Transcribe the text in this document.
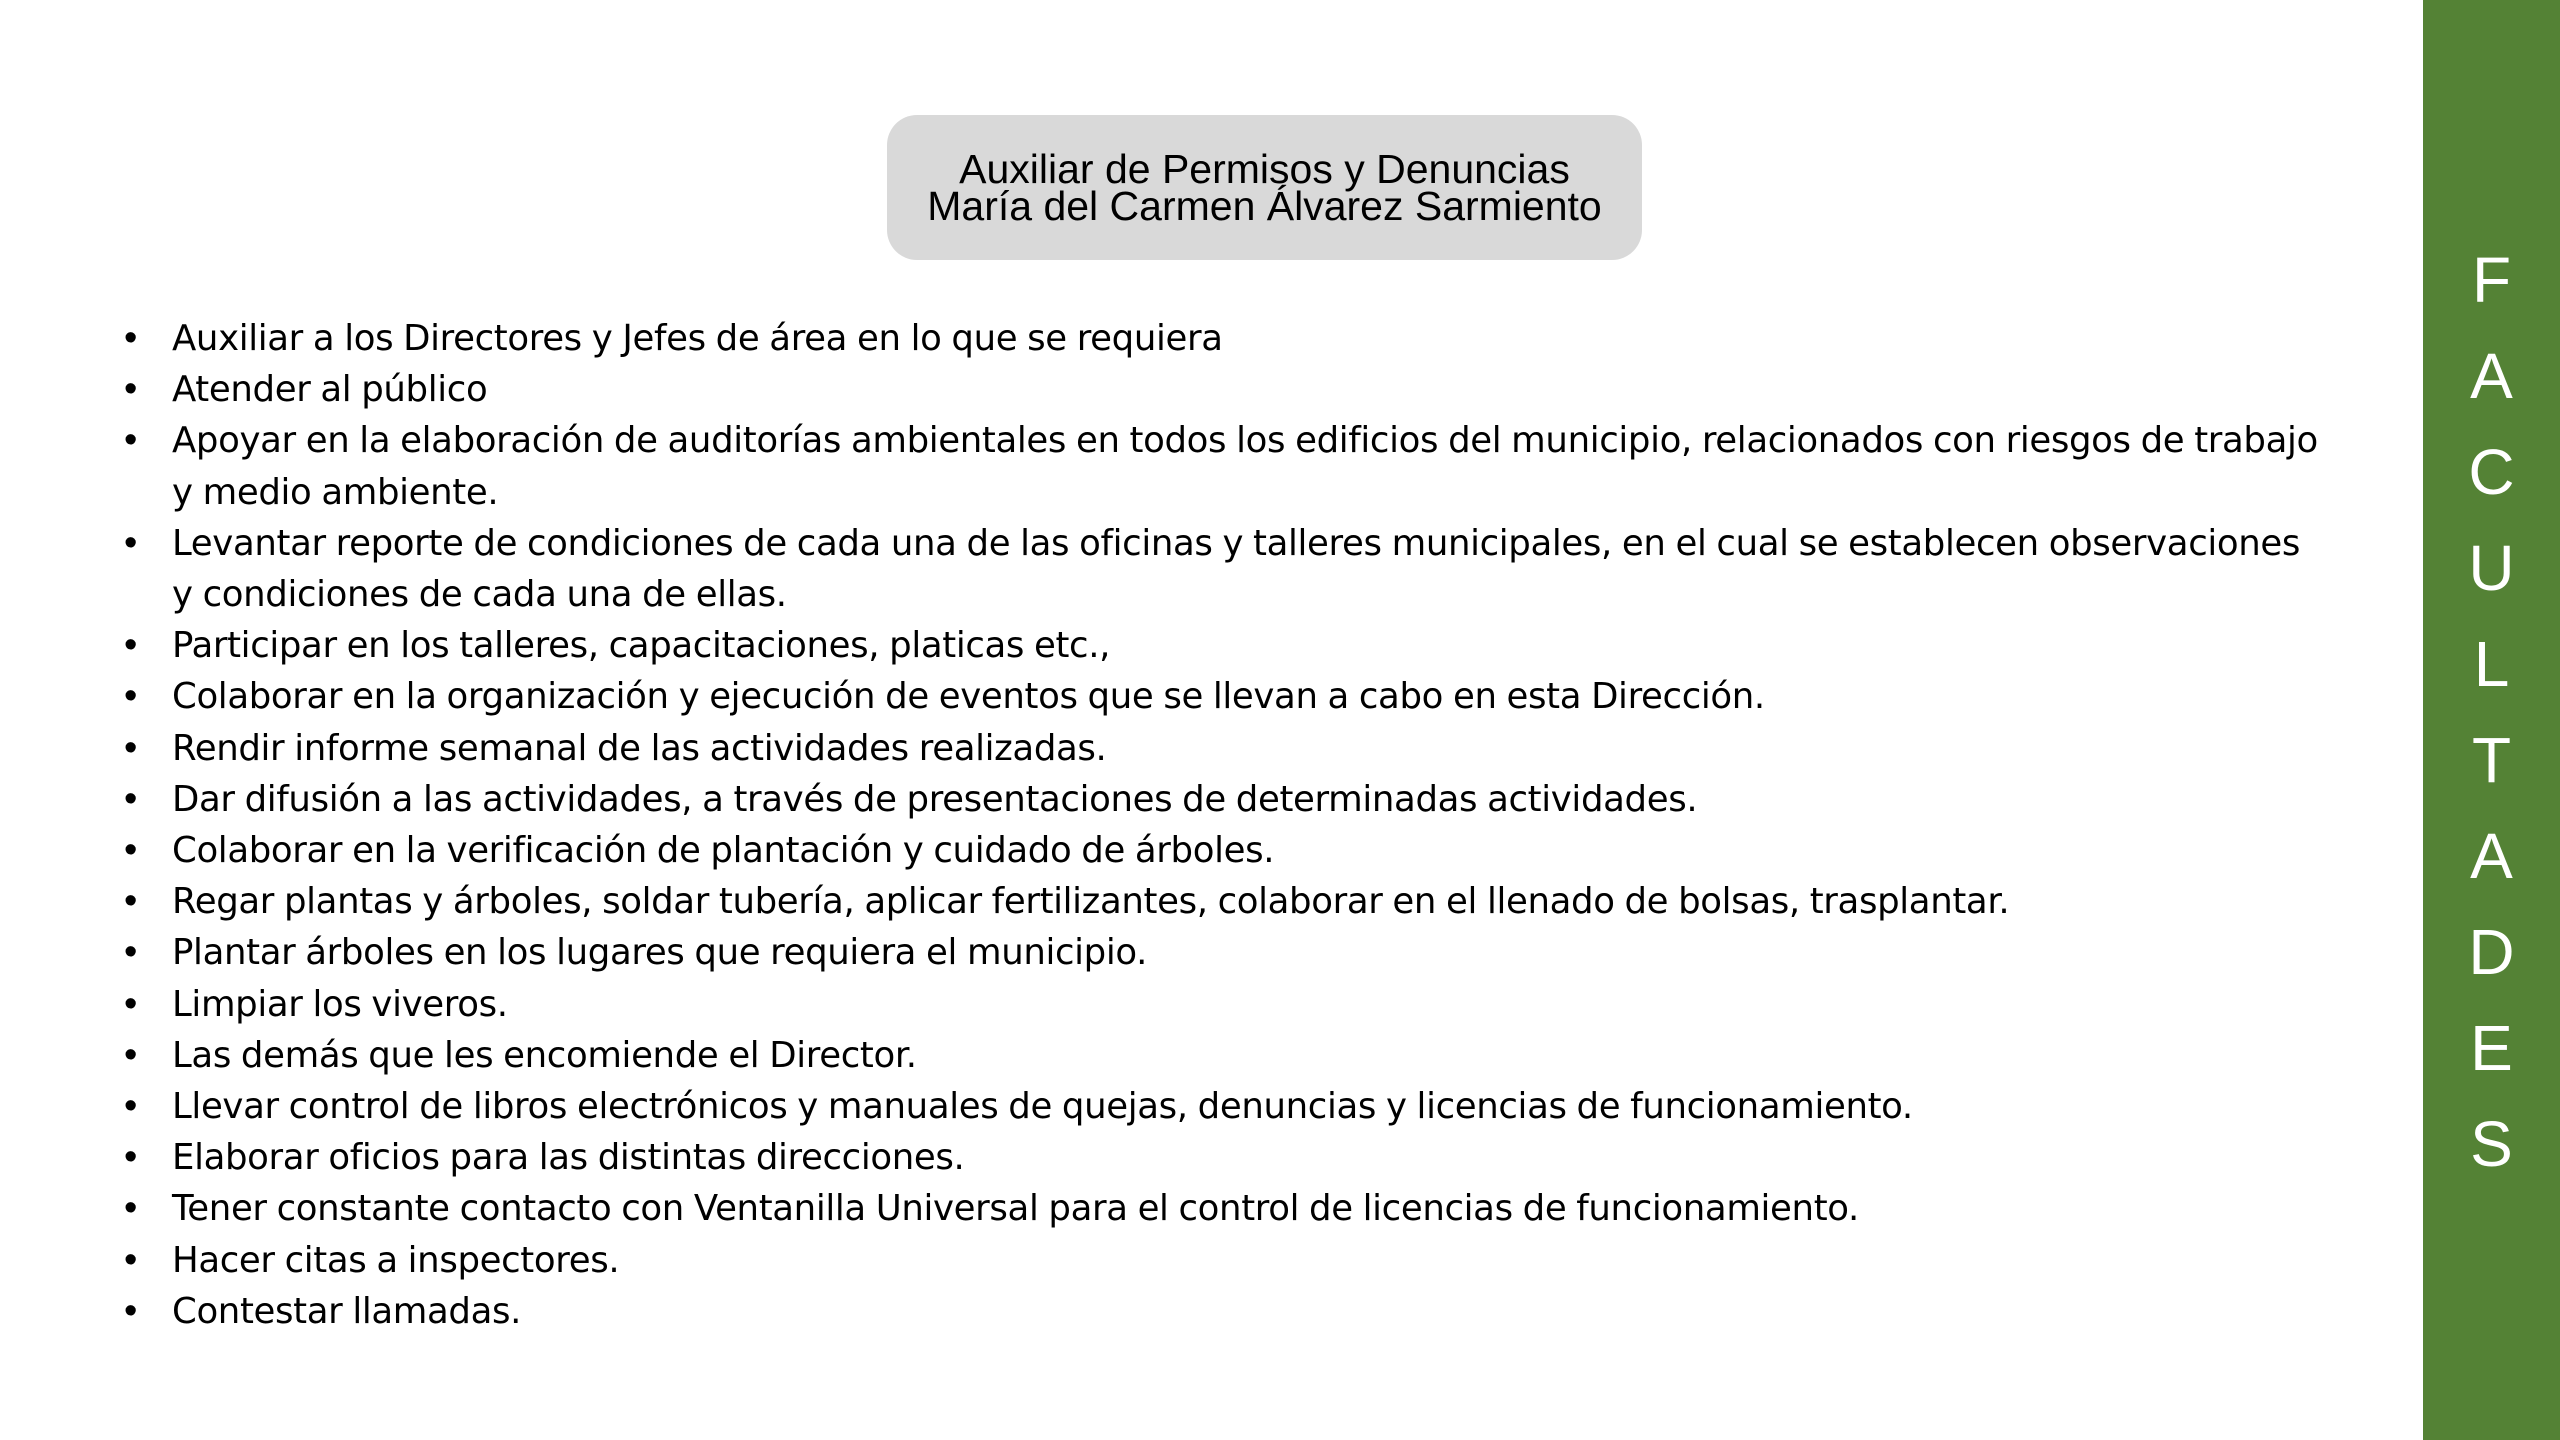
Auxiliar de Permisos y Denuncias
María del Carmen Álvarez Sarmiento
• Auxiliar a los Directores y Jefes de área en lo que se requiera
• Atender al público
• Apoyar en la elaboración de auditorías ambientales en todos los edificios del municipio, relacionados con riesgos de trabajo y medio ambiente.
• Levantar reporte de condiciones de cada una de las oficinas y talleres municipales, en el cual se establecen observaciones y condiciones de cada una de ellas.
• Participar en los talleres, capacitaciones, platicas etc.,
• Colaborar en la organización y ejecución de eventos que se llevan a cabo en esta Dirección.
• Rendir informe semanal de las actividades realizadas.
• Dar difusión a las actividades, a través de presentaciones de determinadas actividades.
• Colaborar en la verificación de plantación y cuidado de árboles.
• Regar plantas y árboles, soldar tubería, aplicar fertilizantes, colaborar en el llenado de bolsas, trasplantar.
• Plantar árboles en los lugares que requiera el municipio.
• Limpiar los viveros.
• Las demás que les encomiende el Director.
• Llevar control de libros electrónicos y manuales de quejas, denuncias y licencias de funcionamiento.
• Elaborar oficios para las distintas direcciones.
• Tener constante contacto con Ventanilla Universal para el control de licencias de funcionamiento.
• Hacer citas a inspectores.
• Contestar llamadas.
F
A
C
U
L
T
A
D
E
S
